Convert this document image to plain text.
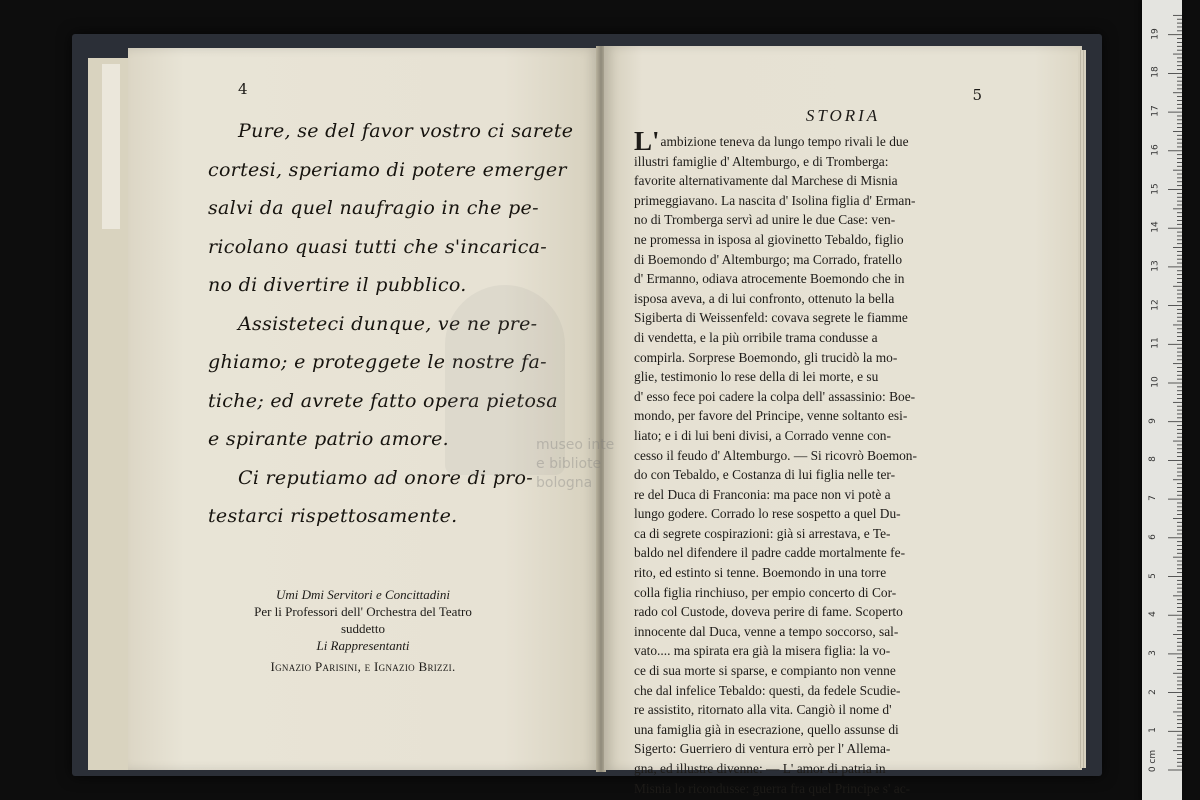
4
Pure, se del favor vostro ci sarete
cortesi, speriamo di potere emerger
salvi da quel naufragio in che pe-
ricolano quasi tutti che s'incarica-
no di divertire il pubblico.
Assisteteci dunque, ve ne pre-
ghiamo; e proteggete le nostre fa-
tiche; ed avrete fatto opera pietosa
e spirante patrio amore.
Ci reputiamo ad onore di pro-
testarci rispettosamente.
Umi Dmi Servitori e Concittadini
Per li Professori dell' Orchestra del Teatro
suddetto
Li Rappresentanti
Ignazio Parisini, e Ignazio Brizzi.
5
STORIA
L'ambizione teneva da lungo tempo rivali le due
illustri famiglie d' Altemburgo, e di Tromberga:
favorite alternativamente dal Marchese di Misnia
primeggiavano. La nascita d' Isolina figlia d' Erman-
no di Tromberga servì ad unire le due Case: ven-
ne promessa in isposa al giovinetto Tebaldo, figlio
di Boemondo d' Altemburgo; ma Corrado, fratello
d' Ermanno, odiava atrocemente Boemondo che in
isposa aveva, a di lui confronto, ottenuto la bella
Sigiberta di Weissenfeld: covava segrete le fiamme
di vendetta, e la più orribile trama condusse a
compirla. Sorprese Boemondo, gli trucidò la mo-
glie, testimonio lo rese della di lei morte, e su
d' esso fece poi cadere la colpa dell' assassinio: Boe-
mondo, per favore del Principe, venne soltanto esi-
liato; e i di lui beni divisi, a Corrado venne con-
cesso il feudo d' Altemburgo. — Si ricovrò Boemon-
do con Tebaldo, e Costanza di lui figlia nelle ter-
re del Duca di Franconia: ma pace non vi potè a
lungo godere. Corrado lo rese sospetto a quel Du-
ca di segrete cospirazioni: già si arrestava, e Te-
baldo nel difendere il padre cadde mortalmente fe-
rito, ed estinto si tenne. Boemondo in una torre
colla figlia rinchiuso, per empio concerto di Cor-
rado col Custode, doveva perire di fame. Scoperto
innocente dal Duca, venne a tempo soccorso, sal-
vato.... ma spirata era già la misera figlia: la vo-
ce di sua morte si sparse, e compianto non venne
che dal infelice Tebaldo: questi, da fedele Scudie-
re assistito, ritornato alla vita. Cangiò il nome d'
una famiglia già in esecrazione, quello assunse di
Sigerto: Guerriero di ventura errò per l' Allema-
gna, ed illustre divenne: — L' amor di patria in
Misnia lo ricondusse: guerra fra quel Principe s' ac-
museo inte
e bibliote
bologna
0 cm
1
2
3
4
5
6
7
8
9
10
11
12
13
14
15
16
17
18
19
